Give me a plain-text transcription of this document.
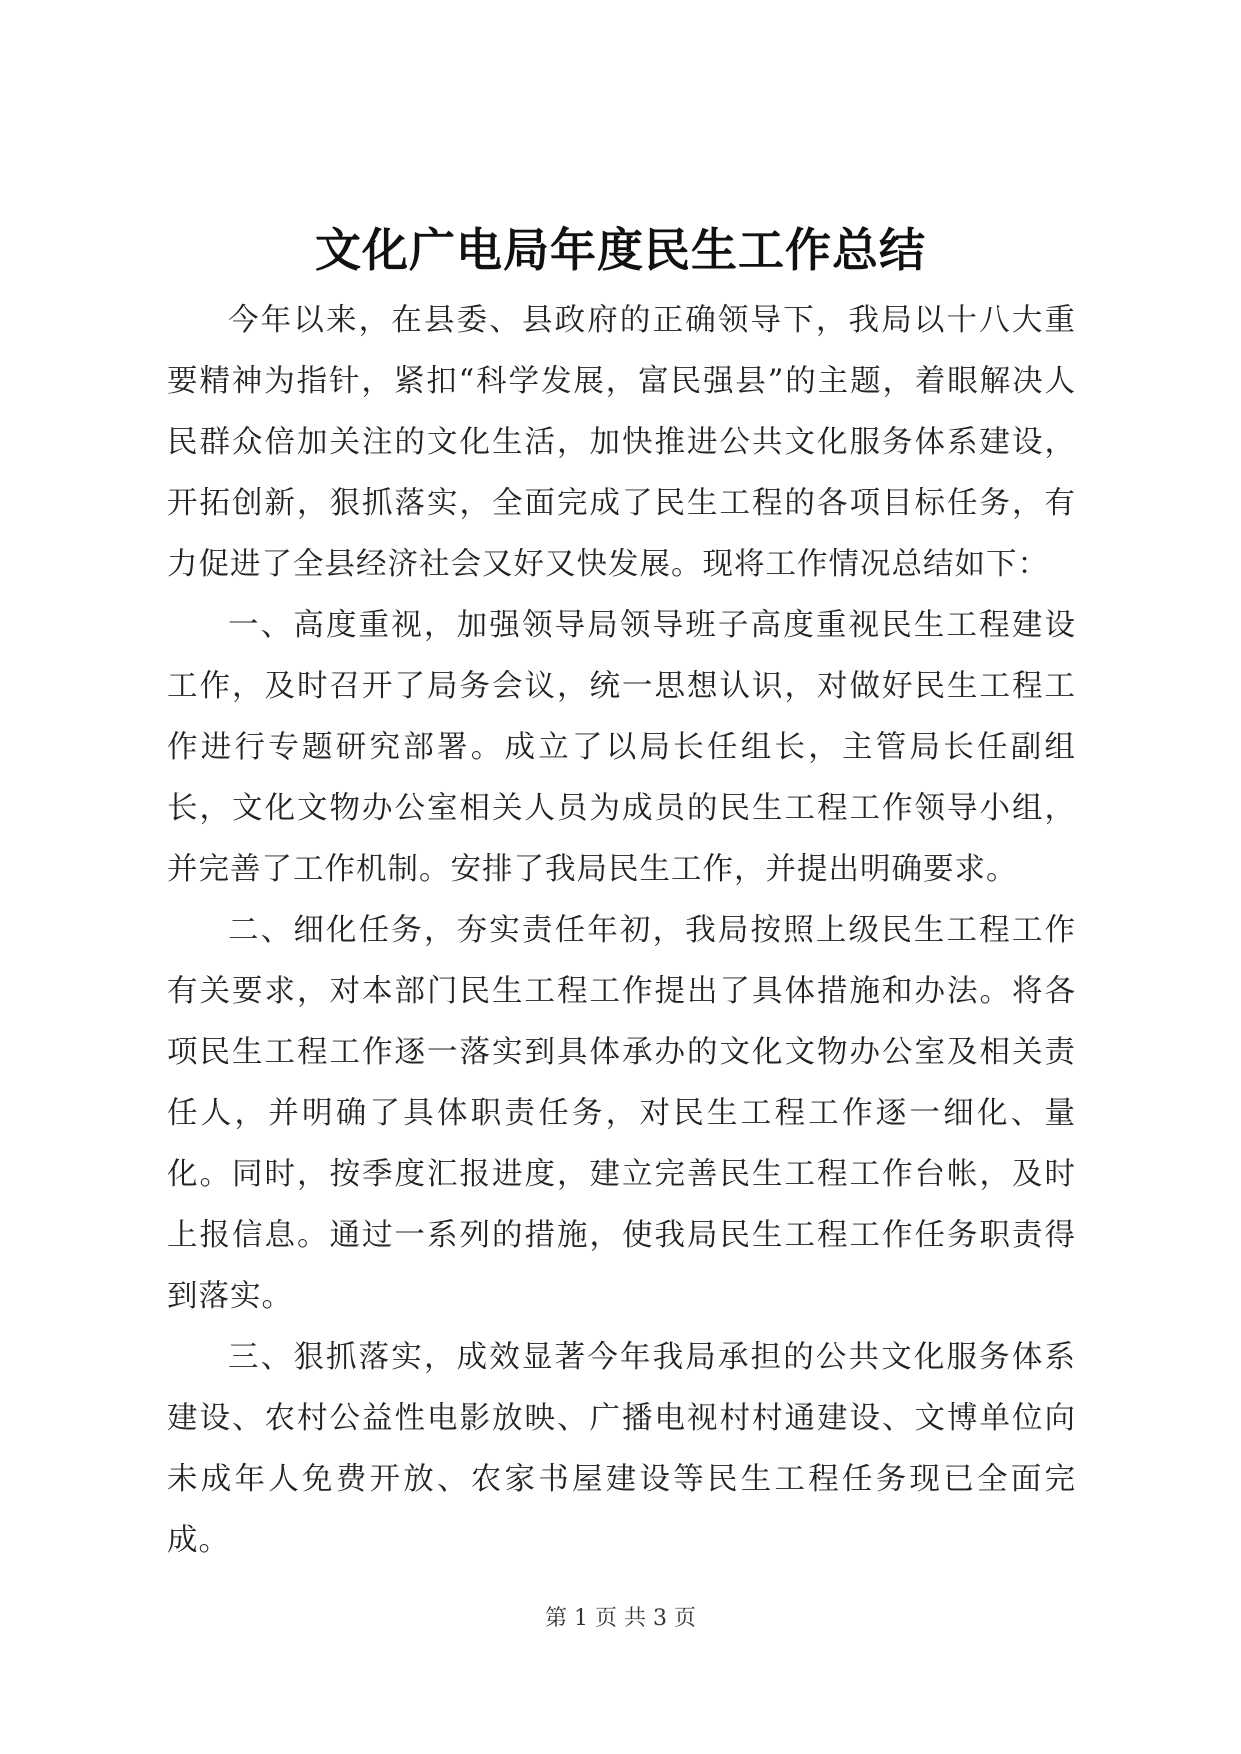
文化广电局年度民生工作总结

今年以来，在县委、县政府的正确领导下，我局以十八大重要精神为指针，紧扣“科学发展，富民强县”的主题，着眼解决人民群众倍加关注的文化生活，加快推进公共文化服务体系建设，开拓创新，狠抓落实，全面完成了民生工程的各项目标任务，有力促进了全县经济社会又好又快发展。现将工作情况总结如下：

一、高度重视，加强领导局领导班子高度重视民生工程建设工作，及时召开了局务会议，统一思想认识，对做好民生工程工作进行专题研究部署。成立了以局长任组长，主管局长任副组长，文化文物办公室相关人员为成员的民生工程工作领导小组，并完善了工作机制。安排了我局民生工作，并提出明确要求。

二、细化任务，夯实责任年初，我局按照上级民生工程工作有关要求，对本部门民生工程工作提出了具体措施和办法。将各项民生工程工作逐一落实到具体承办的文化文物办公室及相关责任人，并明确了具体职责任务，对民生工程工作逐一细化、量化。同时，按季度汇报进度，建立完善民生工程工作台帐，及时上报信息。通过一系列的措施，使我局民生工程工作任务职责得到落实。

三、狠抓落实，成效显著今年我局承担的公共文化服务体系建设、农村公益性电影放映、广播电视村村通建设、文博单位向未成年人免费开放、农家书屋建设等民生工程任务现已全面完成。

第 1 页 共 3 页
